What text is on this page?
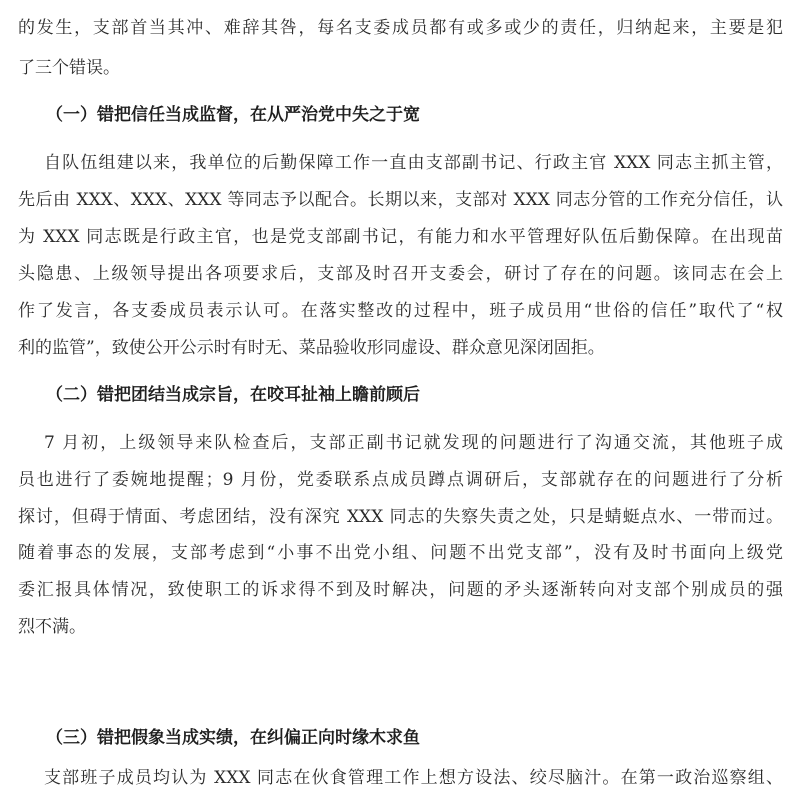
的发生，支部首当其冲、难辞其咎，每名支委成员都有或多或少的责任，归纳起来，主要是犯
了三个错误。
（一）错把信任当成监督，在从严治党中失之于宽
自队伍组建以来，我单位的后勤保障工作一直由支部副书记、行政主官 XXX 同志主抓主管，
先后由 XXX、XXX、XXX 等同志予以配合。长期以来，支部对 XXX 同志分管的工作充分信任，认
为 XXX 同志既是行政主官，也是党支部副书记，有能力和水平管理好队伍后勤保障。在出现苗
头隐患、上级领导提出各项要求后，支部及时召开支委会，研讨了存在的问题。该同志在会上
作了发言，各支委成员表示认可。在落实整改的过程中，班子成员用“世俗的信任”取代了“权
利的监管”，致使公开公示时有时无、菜品验收形同虚设、群众意见深闭固拒。
（二）错把团结当成宗旨，在咬耳扯袖上瞻前顾后
7 月初，上级领导来队检查后，支部正副书记就发现的问题进行了沟通交流，其他班子成
员也进行了委婉地提醒；9 月份，党委联系点成员蹲点调研后，支部就存在的问题进行了分析
探讨，但碍于情面、考虑团结，没有深究 XXX 同志的失察失责之处，只是蜻蜓点水、一带而过。
随着事态的发展，支部考虑到“小事不出党小组、问题不出党支部”，没有及时书面向上级党
委汇报具体情况，致使职工的诉求得不到及时解决，问题的矛头逐渐转向对支部个别成员的强
烈不满。
（三）错把假象当成实绩，在纠偏正向时缘木求鱼
支部班子成员均认为 XXX 同志在伙食管理工作上想方设法、绞尽脑汁。在第一政治巡察组、
